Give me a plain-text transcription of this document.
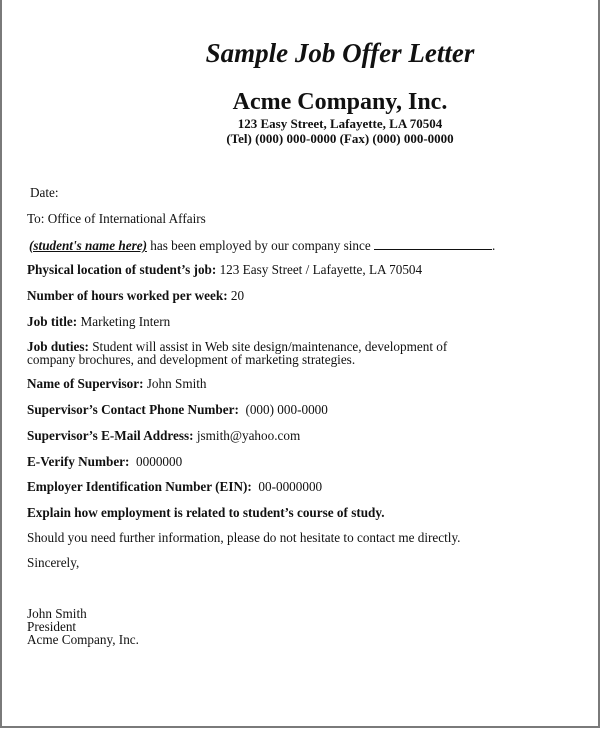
Sample Job Offer Letter
Acme Company, Inc.
123 Easy Street, Lafayette, LA 70504
(Tel) (000) 000-0000 (Fax) (000) 000-0000
Date:
To: Office of International Affairs
(student's name here) has been employed by our company since	.
Physical location of student’s job: 123 Easy Street / Lafayette, LA 70504
Number of hours worked per week: 20
Job title: Marketing Intern
Job duties: Student will assist in Web site design/maintenance, development of
company brochures, and development of marketing strategies.
Name of Supervisor: John Smith
Supervisor’s Contact Phone Number:  (000) 000-0000
Supervisor’s E-Mail Address: jsmith@yahoo.com
E-Verify Number:  0000000
Employer Identification Number (EIN):  00-0000000
Explain how employment is related to student’s course of study.
Should you need further information, please do not hesitate to contact me directly.
Sincerely,
John Smith
President
Acme Company, Inc.
